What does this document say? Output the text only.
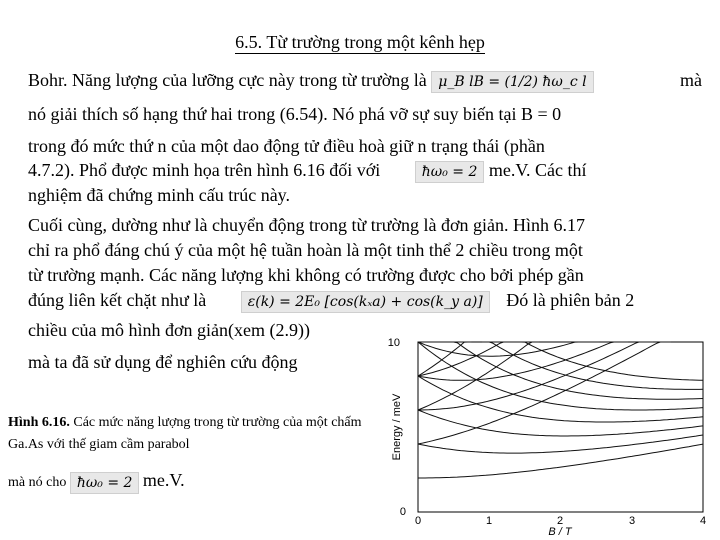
6.5. Từ trường trong một kênh hẹp
Bohr. Năng lượng của lưỡng cực này trong từ trường là μ_B lB = (1/2) ħω_c l	mà
nó giải thích số hạng thứ hai trong (6.54). Nó phá vỡ sự suy biến tại B = 0
trong đó mức thứ n của một dao động tử điều hoà giữ n trạng thái (phần
4.7.2). Phổ được minh họa trên hình 6.16 đối với	ħω₀ = 2 me.V. Các thí
nghiệm đã chứng minh cấu trúc này.
Cuối cùng, dường như là chuyển động trong từ trường là đơn giản. Hình 6.17
chỉ ra phổ đáng chú ý của một hệ tuần hoàn là một tinh thể 2 chiều trong một
từ trường mạnh. Các năng lượng khi không có trường được cho bởi phép gần
đúng liên kết chặt như là	ε(k) = 2E₀ [cos(kₓa) + cos(k_y a)] Đó là phiên bản 2
chiều của mô hình đơn giản(xem (2.9))
mà ta đã sử dụng để nghiên cứu động
Hình 6.16. Các mức năng lượng trong từ trường của một chấm Ga.As với thế giam cầm parabol
mà nó cho ħω₀ = 2 me.V.
10
0
Energy / meV
0	1	2	3	4
B / T
